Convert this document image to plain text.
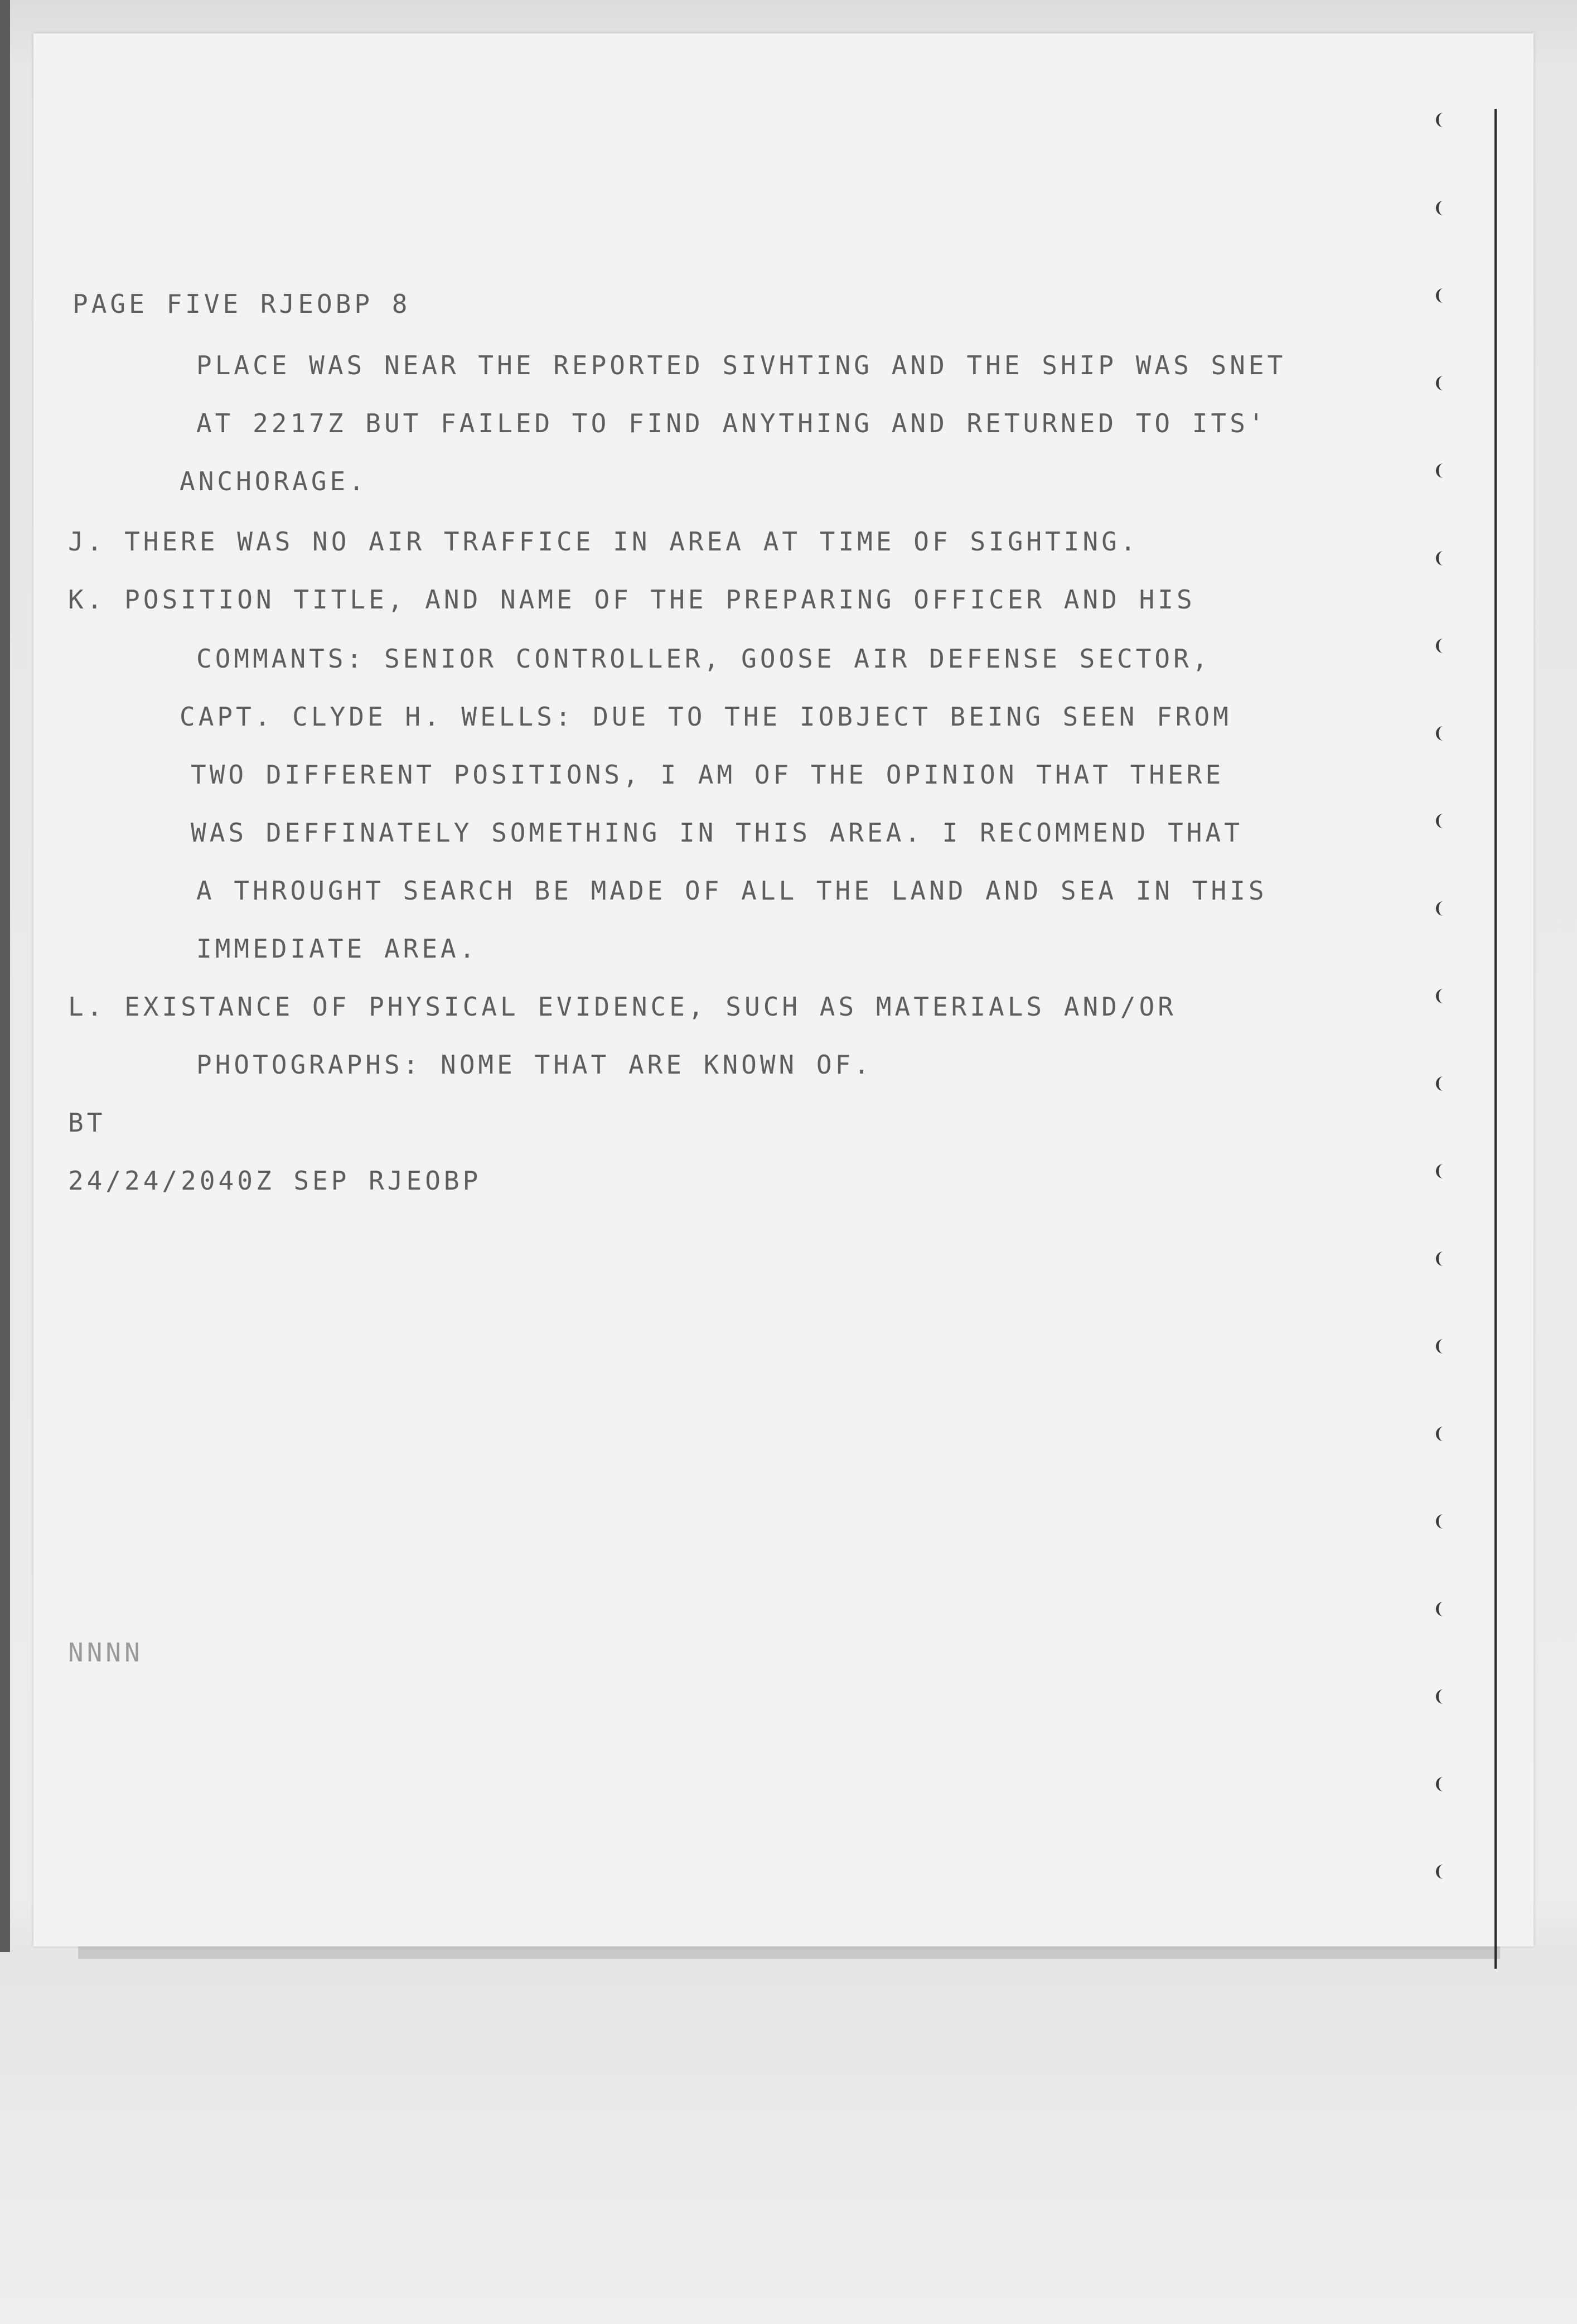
PAGE FIVE RJEOBP 8
PLACE WAS NEAR THE REPORTED SIVHTING AND THE SHIP WAS SNET
AT 2217Z BUT FAILED TO FIND ANYTHING AND RETURNED TO ITS'
ANCHORAGE.
J. THERE WAS NO AIR TRAFFICE IN AREA AT TIME OF SIGHTING.
K. POSITION TITLE, AND NAME OF THE PREPARING OFFICER AND HIS
COMMANTS: SENIOR CONTROLLER, GOOSE AIR DEFENSE SECTOR,
CAPT. CLYDE H. WELLS: DUE TO THE IOBJECT BEING SEEN FROM
TWO DIFFERENT POSITIONS, I AM OF THE OPINION THAT THERE
WAS DEFFINATELY SOMETHING IN THIS AREA. I RECOMMEND THAT
A THROUGHT SEARCH BE MADE OF ALL THE LAND AND SEA IN THIS
IMMEDIATE AREA.
L. EXISTANCE OF PHYSICAL EVIDENCE, SUCH AS MATERIALS AND/OR
PHOTOGRAPHS: NOME THAT ARE KNOWN OF.
BT
24/24/2040Z SEP RJEOBP
NNNN
